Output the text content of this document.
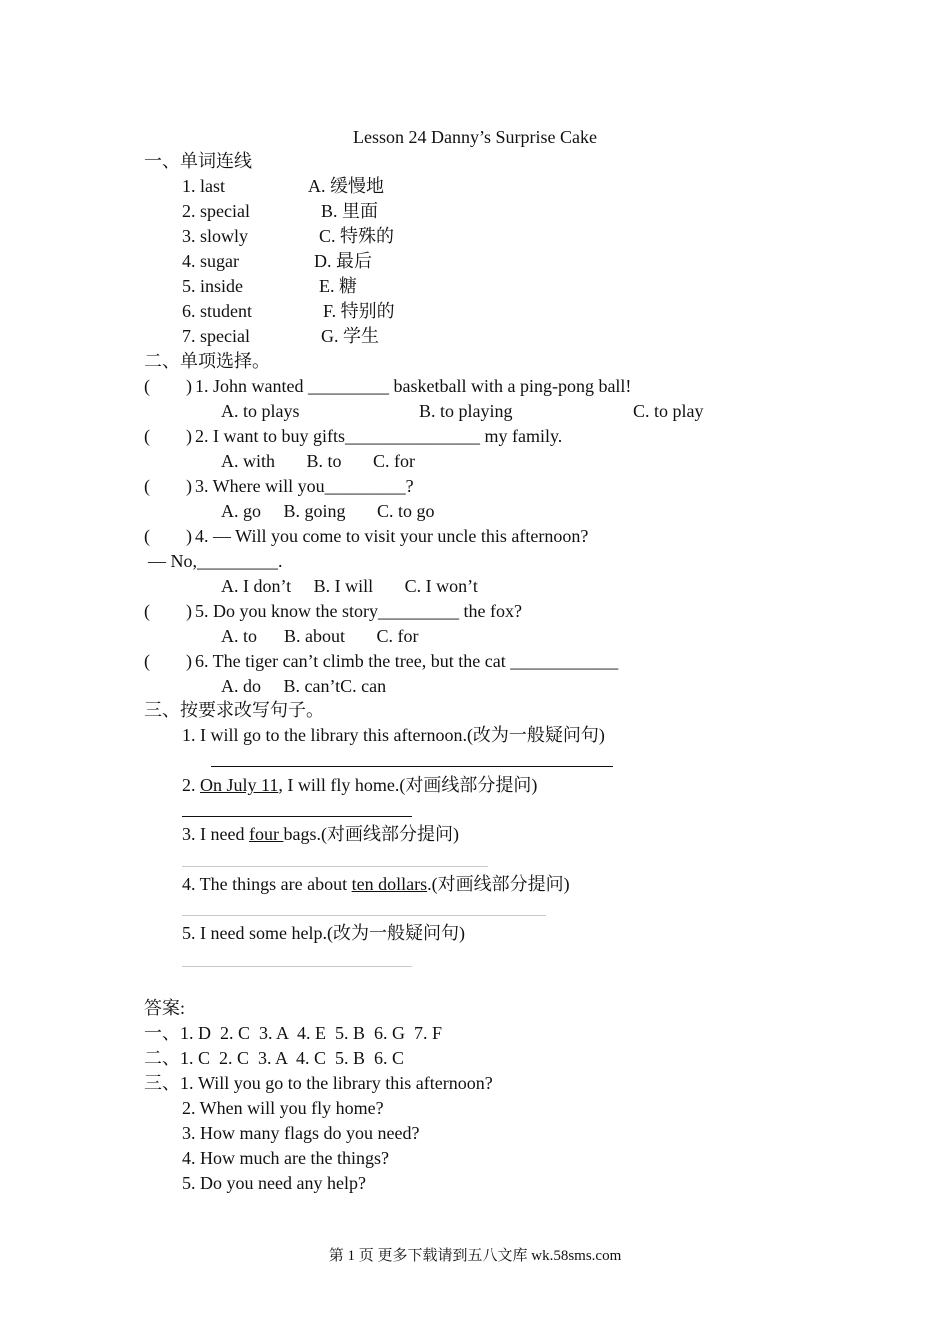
Lesson 24 Danny’s Surprise Cake
一、单词连线
1. last	A. 缓慢地
2. special	B. 里面
3. slowly	C. 特殊的
4. sugar	D. 最后
5. inside	E. 糖
6. student	F. 特别的
7. special	G. 学生
二、单项选择。
(        ) 1. John wanted _________ basketball with a ping-pong ball!
A. to plays	B. to playing	C. to play
(        ) 2. I want to buy gifts_______________ my family.
A. with       B. to       C. for
(        ) 3. Where will you_________?
A. go     B. going       C. to go
(        ) 4. — Will you come to visit your uncle this afternoon?
— No,_________.
A. I don’t     B. I will       C. I won’t
(        ) 5. Do you know the story_________ the fox?
A. to      B. about       C. for
(        ) 6. The tiger can’t climb the tree, but the cat ____________
A. do     B. can’tC. can
三、按要求改写句子。
1. I will go to the library this afternoon.(改为一般疑问句)
2. On July 11, I will fly home.(对画线部分提问)
3. I need four bags.(对画线部分提问)
4. The things are about ten dollars.(对画线部分提问)
5. I need some help.(改为一般疑问句)
答案:
一、1. D  2. C  3. A  4. E  5. B  6. G  7. F
二、1. C  2. C  3. A  4. C  5. B  6. C
三、1. Will you go to the library this afternoon?
2. When will you fly home?
3. How many flags do you need?
4. How much are the things?
5. Do you need any help?
第 1 页 更多下载请到五八文库 wk.58sms.com
